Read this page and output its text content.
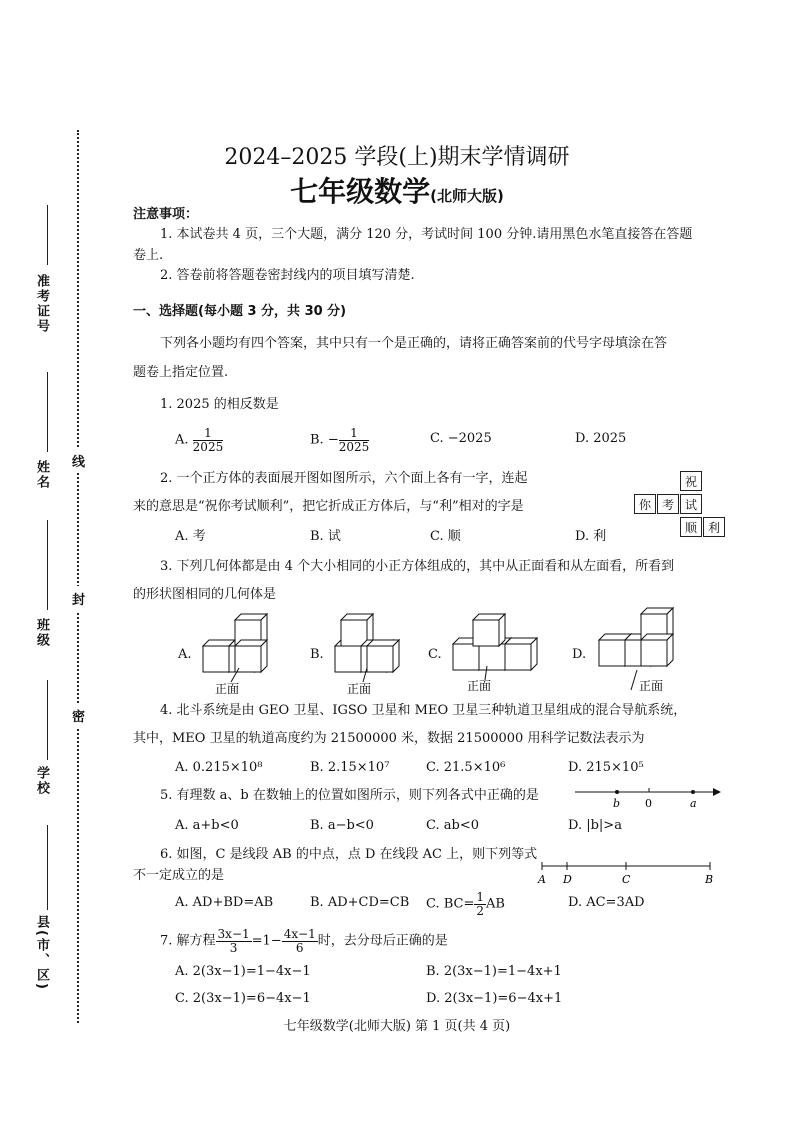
线
封
密
准考证号
姓名
班级
学校
县(市、区)
2024–2025 学段(上)期末学情调研
七年级数学(北师大版)
注意事项：
1. 本试卷共 4 页，三个大题，满分 120 分，考试时间 100 分钟.请用黑色水笔直接答在答题
卷上.
2. 答卷前将答题卷密封线内的项目填写清楚.
一、选择题(每小题 3 分，共 30 分)
下列各小题均有四个答案，其中只有一个是正确的，请将正确答案前的代号字母填涂在答
题卷上指定位置.
1. 2025 的相反数是
A. $\frac{1}{2025}$	B. − $\frac{1}{2025}$	C. −2025	D. 2025
2. 一个正方体的表面展开图如图所示，六个面上各有一字，连起
来的意思是“祝你考试顺利”，把它折成正方体后，与“利”相对的字是
A. 考	B. 试	C. 顺	D. 利
祝
你 考 试
顺 利
3. 下列几何体都是由 4 个大小相同的小正方体组成的，其中从正面看和从左面看，所看到
的形状图相同的几何体是
A.	B.	C.	D.
正面	正面	正面	正面
4. 北斗系统是由 GEO 卫星、IGSO 卫星和 MEO 卫星三种轨道卫星组成的混合导航系统，
其中，MEO 卫星的轨道高度约为 21500000 米，数据 21500000 用科学记数法表示为
A. 0.215×10⁸	B. 2.15×10⁷	C. 21.5×10⁶	D. 215×10⁵
5. 有理数 a、b 在数轴上的位置如图所示，则下列各式中正确的是
b 0	a
A. a+b<0	B. a−b<0	C. ab<0	D. |b|>a
6. 如图，C 是线段 AB 的中点，点 D 在线段 AC 上，则下列等式
不一定成立的是	A D	C	B
A. AD+BD=AB	B. AD+CD=CB C. $BC= \frac{1}{2}$ AB	D. AC=3AD
7. 解方程 $\frac{3x-1}{3} =1- \frac{4x-1}{6}$ 时，去分母后正确的是
A. 2(3x−1)=1−4x−1	B. 2(3x−1)=1−4x+1
C. 2(3x−1)=6−4x−1	D. 2(3x−1)=6−4x+1
七年级数学(北师大版) 第 1 页(共 4 页)
